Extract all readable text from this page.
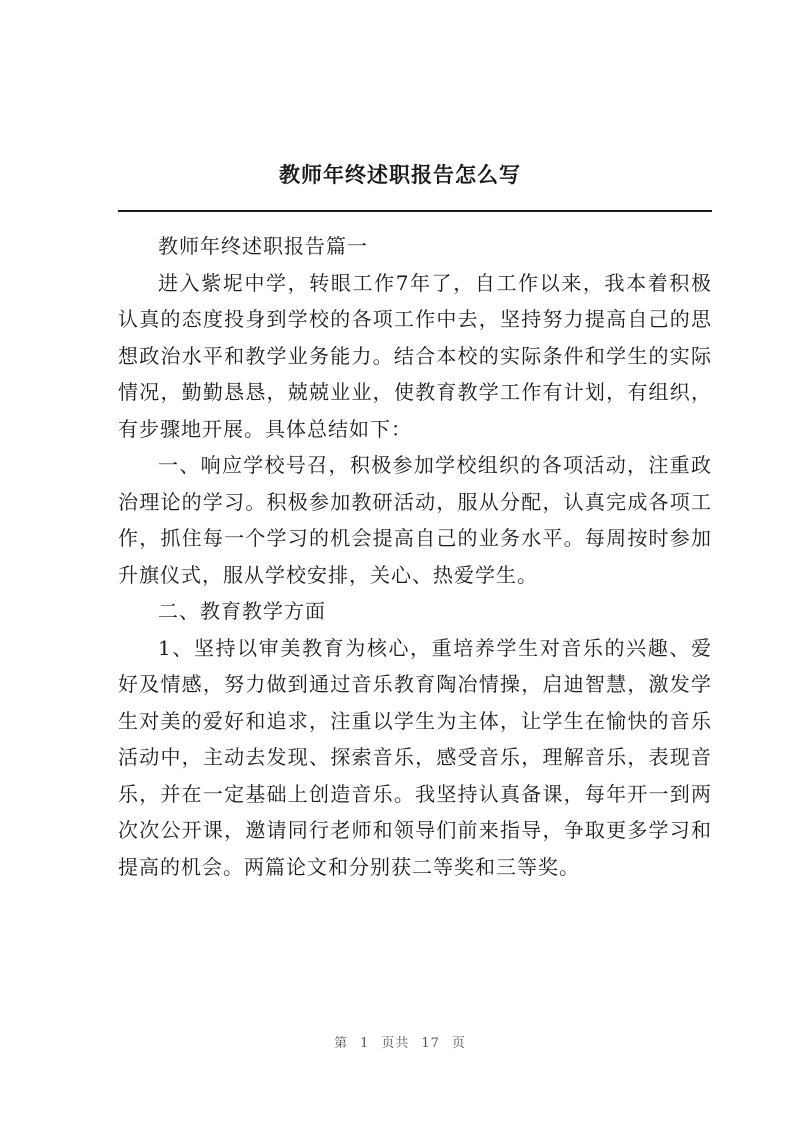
教师年终述职报告怎么写

教师年终述职报告篇一

进入紫坭中学，转眼工作7年了，自工作以来，我本着积极认真的态度投身到学校的各项工作中去，坚持努力提高自己的思想政治水平和教学业务能力。结合本校的实际条件和学生的实际情况，勤勤恳恳，兢兢业业，使教育教学工作有计划，有组织，有步骤地开展。具体总结如下：

一、响应学校号召，积极参加学校组织的各项活动，注重政治理论的学习。积极参加教研活动，服从分配，认真完成各项工作，抓住每一个学习的机会提高自己的业务水平。每周按时参加升旗仪式，服从学校安排，关心、热爱学生。

二、教育教学方面

1、坚持以审美教育为核心，重培养学生对音乐的兴趣、爱好及情感，努力做到通过音乐教育陶冶情操，启迪智慧，激发学生对美的爱好和追求，注重以学生为主体，让学生在愉快的音乐活动中，主动去发现、探索音乐，感受音乐，理解音乐，表现音乐，并在一定基础上创造音乐。我坚持认真备课，每年开一到两次次公开课，邀请同行老师和领导们前来指导，争取更多学习和提高的机会。两篇论文和分别获二等奖和三等奖。

第 1 页共 17 页
